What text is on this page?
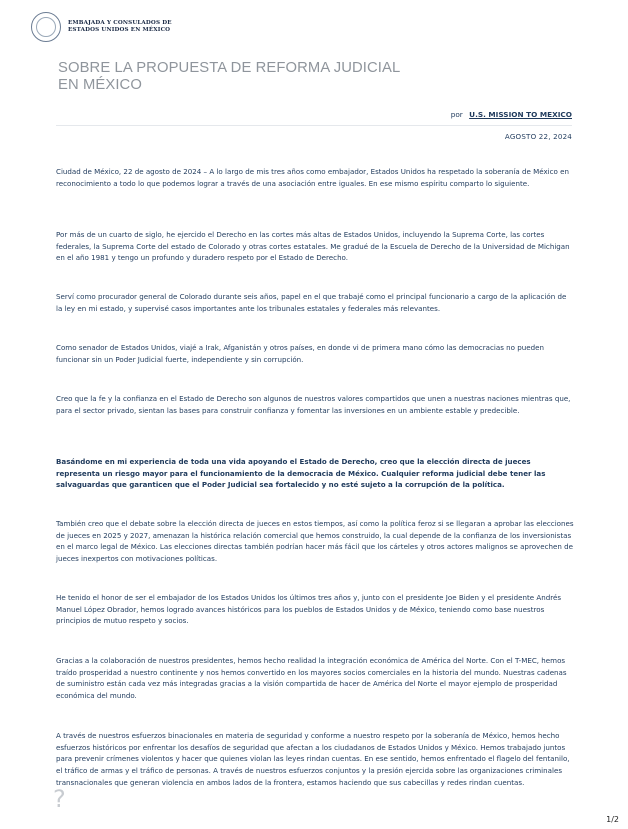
EMBAJADA Y CONSULADOS DE
ESTADOS UNIDOS EN MÉXICO
SOBRE LA PROPUESTA DE REFORMA JUDICIAL
EN MÉXICO
por U.S. MISSION TO MEXICO
AGOSTO 22, 2024

Ciudad de México, 22 de agosto de 2024 – A lo largo de mis tres años como embajador, Estados Unidos ha respetado la soberanía de México en reconocimiento a todo lo que podemos lograr a través de una asociación entre iguales. En ese mismo espíritu comparto lo siguiente.

Por más de un cuarto de siglo, he ejercido el Derecho en las cortes más altas de Estados Unidos, incluyendo la Suprema Corte, las cortes federales, la Suprema Corte del estado de Colorado y otras cortes estatales. Me gradué de la Escuela de Derecho de la Universidad de Michigan en el año 1981 y tengo un profundo y duradero respeto por el Estado de Derecho.

Serví como procurador general de Colorado durante seis años, papel en el que trabajé como el principal funcionario a cargo de la aplicación de la ley en mi estado, y supervisé casos importantes ante los tribunales estatales y federales más relevantes.

Como senador de Estados Unidos, viajé a Irak, Afganistán y otros países, en donde vi de primera mano cómo las democracias no pueden funcionar sin un Poder Judicial fuerte, independiente y sin corrupción.

Creo que la fe y la confianza en el Estado de Derecho son algunos de nuestros valores compartidos que unen a nuestras naciones mientras que, para el sector privado, sientan las bases para construir confianza y fomentar las inversiones en un ambiente estable y predecible.

Basándome en mi experiencia de toda una vida apoyando el Estado de Derecho, creo que la elección directa de jueces representa un riesgo mayor para el funcionamiento de la democracia de México. Cualquier reforma judicial debe tener las salvaguardas que garanticen que el Poder Judicial sea fortalecido y no esté sujeto a la corrupción de la política.

También creo que el debate sobre la elección directa de jueces en estos tiempos, así como la política feroz si se llegaran a aprobar las elecciones de jueces en 2025 y 2027, amenazan la histórica relación comercial que hemos construido, la cual depende de la confianza de los inversionistas en el marco legal de México. Las elecciones directas también podrían hacer más fácil que los cárteles y otros actores malignos se aprovechen de jueces inexpertos con motivaciones políticas.

He tenido el honor de ser el embajador de los Estados Unidos los últimos tres años y, junto con el presidente Joe Biden y el presidente Andrés Manuel López Obrador, hemos logrado avances históricos para los pueblos de Estados Unidos y de México, teniendo como base nuestros principios de mutuo respeto y socios.

Gracias a la colaboración de nuestros presidentes, hemos hecho realidad la integración económica de América del Norte. Con el T-MEC, hemos traído prosperidad a nuestro continente y nos hemos convertido en los mayores socios comerciales en la historia del mundo. Nuestras cadenas de suministro están cada vez más integradas gracias a la visión compartida de hacer de América del Norte el mayor ejemplo de prosperidad económica del mundo.

A través de nuestros esfuerzos binacionales en materia de seguridad y conforme a nuestro respeto por la soberanía de México, hemos hecho esfuerzos históricos por enfrentar los desafíos de seguridad que afectan a los ciudadanos de Estados Unidos y México. Hemos trabajado juntos para prevenir crímenes violentos y hacer que quienes violan las leyes rindan cuentas. En ese sentido, hemos enfrentado el flagelo del fentanilo, el tráfico de armas y el tráfico de personas. A través de nuestros esfuerzos conjuntos y la presión ejercida sobre las organizaciones criminales transnacionales que generan violencia en ambos lados de la frontera, estamos haciendo que sus cabecillas y redes rindan cuentas.

?
1/2
